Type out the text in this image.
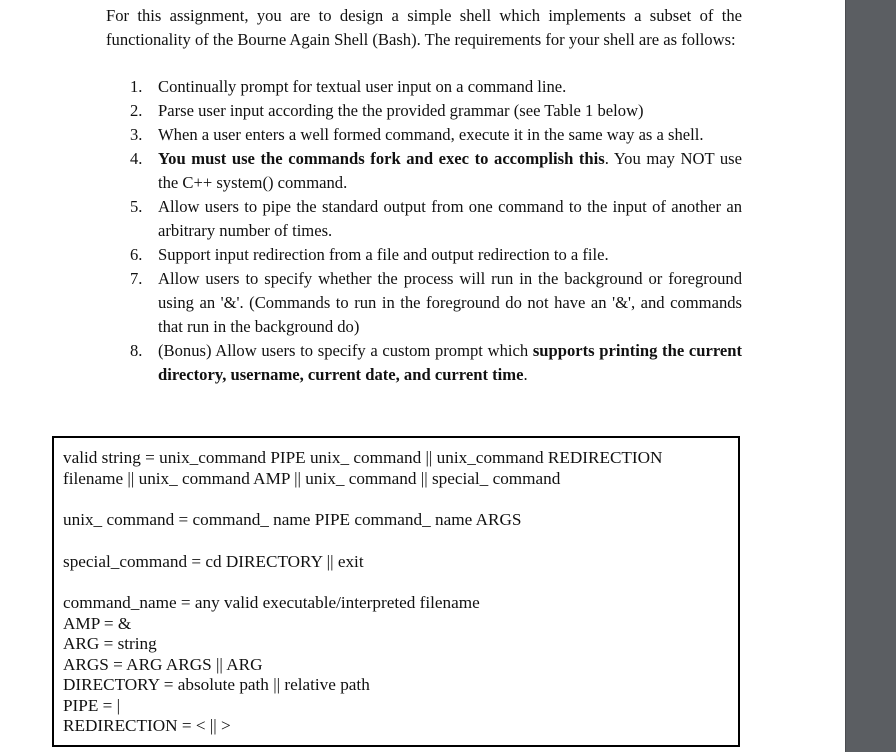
For this assignment, you are to design a simple shell which implements a subset of the functionality of the Bourne Again Shell (Bash). The requirements for your shell are as follows:

1. Continually prompt for textual user input on a command line.
2. Parse user input according the the provided grammar (see Table 1 below)
3. When a user enters a well formed command, execute it in the same way as a shell.
4. You must use the commands fork and exec to accomplish this. You may NOT use the C++ system() command.
5. Allow users to pipe the standard output from one command to the input of another an arbitrary number of times.
6. Support input redirection from a file and output redirection to a file.
7. Allow users to specify whether the process will run in the background or foreground using an '&'. (Commands to run in the foreground do not have an '&', and commands that run in the background do)
8. (Bonus) Allow users to specify a custom prompt which supports printing the current directory, username, current date, and current time.
valid string = unix_command PIPE unix_ command || unix_command REDIRECTION
filename || unix_ command AMP || unix_ command || special_ command
unix_ command = command_ name PIPE command_ name ARGS
special_command = cd DIRECTORY || exit
command_name = any valid executable/interpreted filename
AMP = &
ARG = string
ARGS = ARG ARGS || ARG
DIRECTORY = absolute path || relative path
PIPE = |
REDIRECTION = < || >
